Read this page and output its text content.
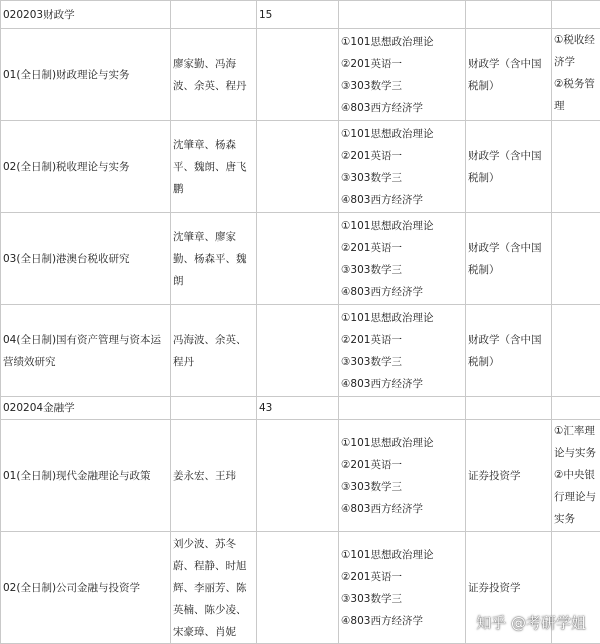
020203财政学		15			
01(全日制)财政理论与实务	廖家勤、冯海波、余英、程丹		①101思想政治理论
②201英语一
③303数学三
④803西方经济学	财政学（含中国税制）	①税收经
济学
②税务管
理

02(全日制)税收理论与实务	沈肇章、杨森平、魏朗、唐飞鹏		①101思想政治理论
②201英语一
③303数学三
④803西方经济学	财政学（含中国税制）	
03(全日制)港澳台税收研究	沈肇章、廖家勤、杨森平、魏朗		①101思想政治理论
②201英语一
③303数学三
④803西方经济学	财政学（含中国税制）	
04(全日制)国有资产管理与资本运营绩效研究	冯海波、余英、程丹		①101思想政治理论
②201英语一
③303数学三
④803西方经济学	财政学（含中国税制）	
020204金融学		43			
01(全日制)现代金融理论与政策	姜永宏、王玮		①101思想政治理论
②201英语一
③303数学三
④803西方经济学	证券投资学	①汇率理
论与实务
②中央银
行理论与
实务

02(全日制)公司金融与投资学	刘少波、苏冬蔚、程静、时旭辉、李丽芳、陈英楠、陈少凌、宋豪璋、肖妮		①101思想政治理论
②201英语一
③303数学三
④803西方经济学	证券投资学	
知乎 @考研学姐
